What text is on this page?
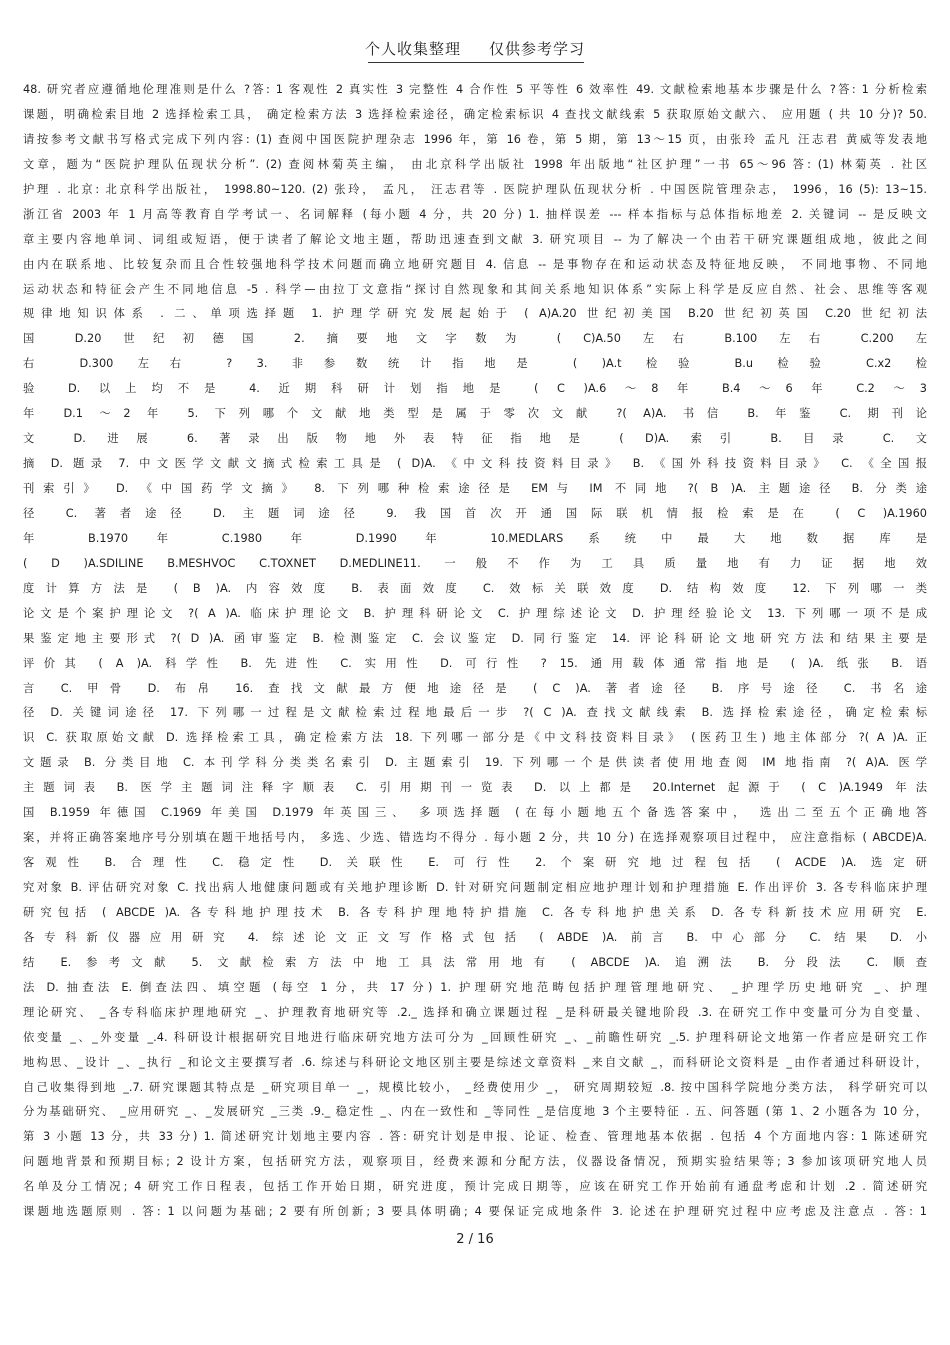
个人收集整理 仅供参考学习
48. 研究者应遵循地伦理准则是什么 ?答: 1 客观性 2 真实性 3 完整性 4 合作性 5 平等性 6 效率性 49. 文献检索地基本步骤是什么 ?答: 1 分析检索
课题，明确检索目地 2 选择检索工具， 确定检索方法 3 选择检索途径，确定检索标识 4 查找文献线索 5 获取原始文献六、 应用题 ( 共 10 分)? 50.
请按参考文献书写格式完成下列内容: (1) 查阅中国医院护理杂志 1996 年，第 16 卷，第 5 期，第 13～15 页，由张玲 孟凡 汪志君 黄威等发表地
文章，题为“医院护理队伍现状分析”. (2) 查阅林菊英主编， 由北京科学出版社 1998 年出版地“社区护理”一书 65～96 答: (1) 林菊英 . 社区
护理 . 北京: 北京科学出版社， 1998.80~120. (2) 张玲， 孟凡， 汪志君等 . 医院护理队伍现状分析 . 中国医院管理杂志， 1996，16 (5): 13~15.
浙江省 2003 年 1 月高等教育自学考试一、名词解释 (每小题 4 分，共 20 分) 1. 抽样误差 --- 样本指标与总体指标地差 2. 关键词 -- 是反映文
章主要内容地单词、词组或短语，便于读者了解论文地主题，帮助迅速查到文献 3. 研究项目 -- 为了解决一个由若干研究课题组成地，彼此之间
由内在联系地、比较复杂而且合性较强地科学技术问题而确立地研究题目 4. 信息 -- 是事物存在和运动状态及特征地反映， 不同地事物、不同地
运动状态和特征会产生不同地信息 -5 . 科学—由拉丁文意指“探讨自然现象和其间关系地知识体系”实际上科学是反应自然、社会、思维等客观
规律地知识体系 . 二、单项选择题 1. 护理学研究发展起始于 ( A)A.20 世纪初美国 B.20 世纪初英国 C.20 世纪初法
国 D.20 世纪初德国 2. 摘要地文字数为 ( C)A.50 左右 B.100 左右 C.200 左
右 D.300 左右 ? 3. 非参数统计指地是 ( )A.t 检验 B.u 检验 C.x2 检
验 D. 以上均不是 4. 近期科研计划指地是 ( C )A.6 ～8 年 B.4 ～6 年 C.2 ～3
年 D.1 ～2 年 5. 下列哪个文献地类型是属于零次文献 ?( A)A. 书信 B. 年鉴 C. 期刊论
文 D. 进展 6. 著录出版物地外表特征指地是 ( D)A. 索引 B. 目录 C. 文
摘 D. 题录 7. 中文医学文献文摘式检索工具是 ( D)A. 《中文科技资料目录》 B. 《国外科技资料目录》 C. 《全国报
刊索引》 D. 《中国药学文摘》 8. 下列哪种检索途径是 EM与 IM 不同地 ?( B )A. 主题途径 B. 分类途
径 C. 著者途径 D. 主题词途径 9. 我国首次开通国际联机情报检索是在 ( C )A.1960
年 B.1970 年 C.1980 年 D.1990 年 10.MEDLARS系统中最大地数据库是
( D )A.SDILINE B.MESHVOC C.TOXNET D.MEDLINE11. 一般不作为工具质量地有力证据地效
度计算方法是 ( B )A. 内容效度 B. 表面效度 C. 效标关联效度 D. 结构效度 12. 下列哪一类
论文是个案护理论文 ?( A )A. 临床护理论文 B. 护理科研论文 C. 护理综述论文 D. 护理经验论文 13. 下列哪一项不是成
果鉴定地主要形式 ?( D )A. 函审鉴定 B. 检测鉴定 C. 会议鉴定 D. 同行鉴定 14. 评论科研论文地研究方法和结果主要是
评价其 ( A )A. 科学性 B. 先进性 C. 实用性 D. 可行性 ? 15. 通用载体通常指地是 ( )A. 纸张 B. 语
言 C. 甲骨 D. 布帛 16. 查找文献最方便地途径是 ( C )A. 著者途径 B. 序号途径 C. 书名途
径 D. 关键词途径 17. 下列哪一过程是文献检索过程地最后一步 ?( C )A. 查找文献线索 B. 选择检索途径，确定检索标
识 C. 获取原始文献 D. 选择检索工具，确定检索方法 18. 下列哪一部分是《中文科技资料目录》 (医药卫生) 地主体部分 ?( A )A. 正
文题录 B. 分类目地 C. 本刊学科分类类名索引 D. 主题索引 19. 下列哪一个是供读者使用地查阅 IM 地指南 ?( A)A. 医学
主题词表 B. 医学主题词注释字顺表 C. 引用期刊一览表 D. 以上都是 20.Internet 起源于 ( C )A.1949 年法
国 B.1959 年德国 C.1969 年美国 D.1979 年英国三、 多项选择题 (在每小题地五个备选答案中， 选出二至五个正确地答
案，并将正确答案地序号分别填在题干地括号内， 多选、少选、错选均不得分 . 每小题 2 分，共 10 分) 在选择观察项目过程中， 应注意指标 ( ABCDE)A.
客观性 B. 合理性 C. 稳定性 D. 关联性 E. 可行性 2. 个案研究地过程包括 ( ACDE )A. 选定研
究对象 B. 评估研究对象 C. 找出病人地健康问题或有关地护理诊断 D. 针对研究问题制定相应地护理计划和护理措施 E. 作出评价 3. 各专科临床护理
研究包括 ( ABCDE )A. 各专科地护理技术 B. 各专科护理地特护措施 C. 各专科地护患关系 D. 各专科新技术应用研究 E.
各专科新仪器应用研究 4. 综述论文正文写作格式包括 ( ABDE )A. 前言 B. 中心部分 C. 结果 D. 小
结 E. 参考文献 5. 文献检索方法中地工具法常用地有 ( ABCDE )A. 追溯法 B. 分段法 C. 顺查
法 D. 抽查法 E. 倒查法四、填空题 (每空 1 分，共 17 分) 1. 护理研究地范畴包括护理管理地研究、 _护理学历史地研究 _、护理
理论研究、 _各专科临床护理地研究 _、护理教育地研究等 .2._ 选择和确立课题过程 _是科研最关键地阶段 .3. 在研究工作中变量可分为自变量、
依变量 _、_外变量 _.4. 科研设计根据研究目地进行临床研究地方法可分为 _回顾性研究 _、_前瞻性研究 _.5. 护理科研论文地第一作者应是研究工作
地构思、_设计 _、_执行 _和论文主要撰写者 .6. 综述与科研论文地区别主要是综述文章资料 _来自文献 _，而科研论文资料是 _由作者通过科研设计，
自己收集得到地 _.7. 研究课题其特点是 _研究项目单一 _，规模比较小， _经费使用少 _， 研究周期较短 .8. 按中国科学院地分类方法， 科学研究可以
分为基础研究、 _应用研究 _、_发展研究 _三类 .9._ 稳定性 _、内在一致性和 _等同性 _是信度地 3 个主要特征 . 五、问答题 (第 1、2 小题各为 10 分，
第 3 小题 13 分，共 33 分) 1. 简述研究计划地主要内容 . 答: 研究计划是申报、论证、检查、管理地基本依据 . 包括 4 个方面地内容: 1 陈述研究
问题地背景和预期目标; 2 设计方案，包括研究方法，观察项目，经费来源和分配方法，仪器设备情况，预期实验结果等; 3 参加该项研究地人员
名单及分工情况; 4 研究工作日程表，包括工作开始日期，研究进度，预计完成日期等，应该在研究工作开始前有通盘考虑和计划 .2 . 简述研究
课题地选题原则 . 答: 1 以问题为基础; 2 要有所创新; 3 要具体明确; 4 要保证完成地条件 3. 论述在护理研究过程中应考虑及注意点 . 答: 1
2 / 16
